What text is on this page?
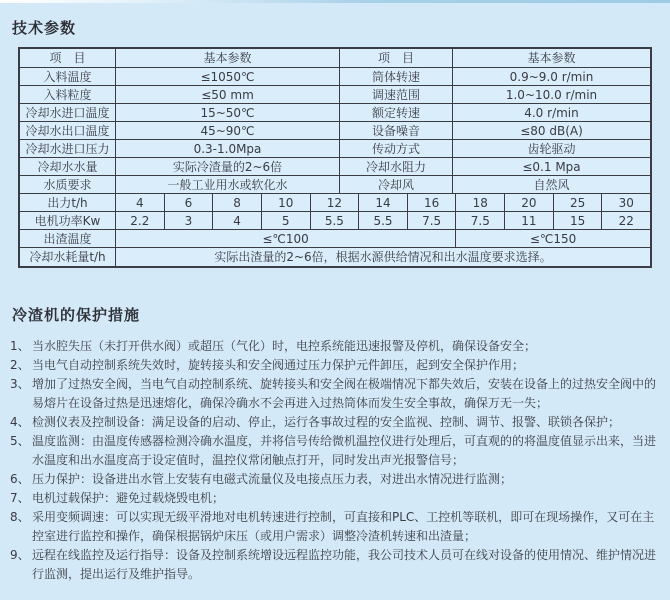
技术参数
项　目	基本参数	项　目	基本参数
入料温度	≤1050℃	筒体转速	0.9~9.0 r/min
入料粒度	≤50 mm	调速范围	1.0~10.0 r/min
冷却水进口温度	15~50℃	额定转速	4.0 r/min
冷却水出口温度	45~90℃	设备噪音	≤80 dB(A)
冷却水进口压力	0.3-1.0Mpa	传动方式	齿轮驱动
冷却水水量	实际冷渣量的2~6倍	冷却水阻力	≤0.1 Mpa
水质要求	一般工业用水或软化水	冷却风	自然风
出力t/h	4	6	8	10	12	14	16	18	20	25	30
电机功率Kw	2.2	3	4	5	5.5	5.5	7.5	7.5	11	15	22
出渣温度	≤℃100	≤℃150
冷却水耗量t/h	实际出渣量的2~6倍，根据水源供给情况和出水温度要求选择。
冷渣机的保护措施
1、 当水腔失压（未打开供水阀）或超压（气化）时，电控系统能迅速报警及停机，确保设备安全；
2、 当电气自动控制系统失效时，旋转接头和安全阀通过压力保护元件卸压，起到安全保护作用；
3、 增加了过热安全阀，当电气自动控制系统、旋转接头和安全阀在极端情况下都失效后，安装在设备上的过热安全阀中的易熔片在设备过热是迅速熔化，确保冷确水不会再进入过热筒体而发生安全事故，确保万无一失；
4、 检测仪表及控制设备：满足设备的启动、停止，运行各事故过程的安全监视、控制、调节、报警、联锁各保护；
5、 温度监测：由温度传感器检测冷确水温度，并将信号传给微机温控仪进行处理后，可直观的的将温度值显示出来，当进水温度和出水温度高于设定值时，温控仪常闭触点打开，同时发出声光报警信号；
6、 压力保护：设备进出水管上安装有电磁式流量仪及电接点压力表，对进出水情况进行监测；
7、 电机过载保护：避免过载烧毁电机；
8、 采用变频调速：可以实现无级平滑地对电机转速进行控制，可直接和PLC、工控机等联机，即可在现场操作，又可在主控室进行监控和操作，确保根据锅炉床压（或用户需求）调整冷渣机转速和出渣量；
9、 远程在线监控及运行指导：设备及控制系统增设远程监控功能，我公司技术人员可在线对设备的使用情况、维护情况进行监测，提出运行及维护指导。
